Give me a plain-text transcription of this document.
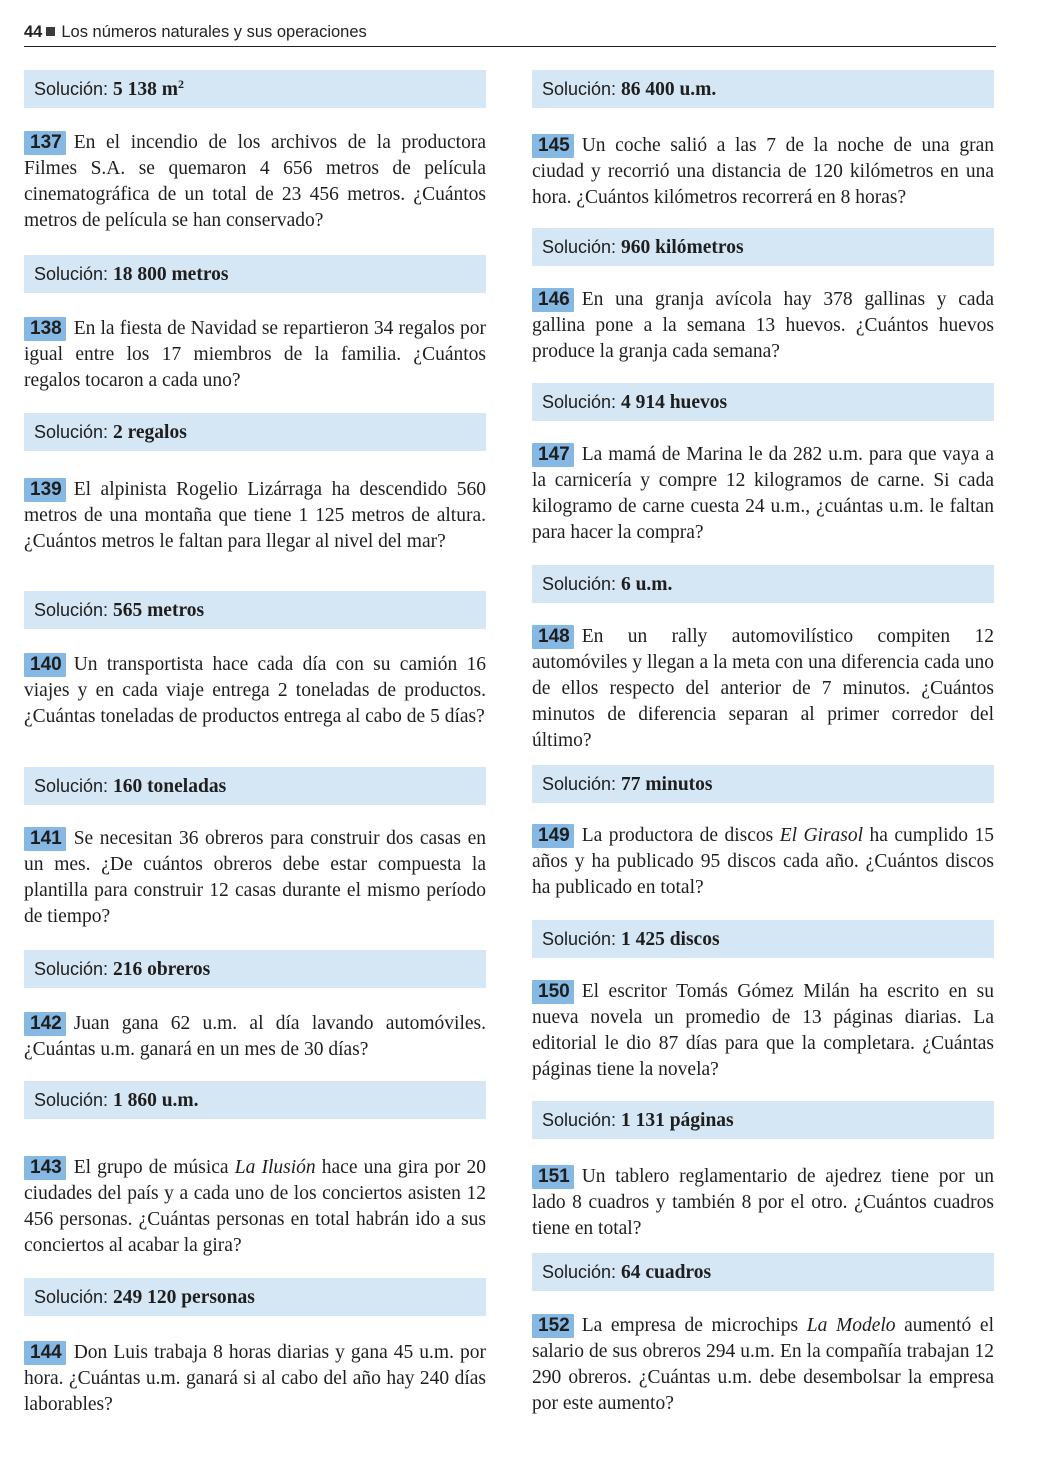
44 Los números naturales y sus operaciones
Solución: 5 138 $m^2$

137 En el incendio de los archivos de la productora Filmes S.A. se quemaron 4 656 metros de película cinematográfica de un total de 23 456 metros. ¿Cuántos metros de película se han conservado?

Solución: 18 800 metros

138 En la fiesta de Navidad se repartieron 34 regalos por igual entre los 17 miembros de la familia. ¿Cuántos regalos tocaron a cada uno?

Solución: 2 regalos

139 El alpinista Rogelio Lizárraga ha descendido 560 metros de una montaña que tiene 1 125 metros de altura. ¿Cuántos metros le faltan para llegar al nivel del mar?

Solución: 565 metros

140 Un transportista hace cada día con su camión 16 viajes y en cada viaje entrega 2 toneladas de productos. ¿Cuántas toneladas de productos entrega al cabo de 5 días?

Solución: 160 toneladas

141 Se necesitan 36 obreros para construir dos casas en un mes. ¿De cuántos obreros debe estar compuesta la plantilla para construir 12 casas durante el mismo período de tiempo?

Solución: 216 obreros

142 Juan gana 62 u.m. al día lavando automóviles. ¿Cuántas u.m. ganará en un mes de 30 días?

Solución: 1 860 u.m.

143 El grupo de música La Ilusión hace una gira por 20 ciudades del país y a cada uno de los conciertos asisten 12 456 personas. ¿Cuántas personas en total habrán ido a sus conciertos al acabar la gira?

Solución: 249 120 personas

144 Don Luis trabaja 8 horas diarias y gana 45 u.m. por hora. ¿Cuántas u.m. ganará si al cabo del año hay 240 días laborables?

Solución: 86 400 u.m.

145 Un coche salió a las 7 de la noche de una gran ciudad y recorrió una distancia de 120 kilómetros en una hora. ¿Cuántos kilómetros recorrerá en 8 horas?

Solución: 960 kilómetros

146 En una granja avícola hay 378 gallinas y cada gallina pone a la semana 13 huevos. ¿Cuántos huevos produce la granja cada semana?

Solución: 4 914 huevos

147 La mamá de Marina le da 282 u.m. para que vaya a la carnicería y compre 12 kilogramos de carne. Si cada kilogramo de carne cuesta 24 u.m., ¿cuántas u.m. le faltan para hacer la compra?

Solución: 6 u.m.

148 En un rally automovilístico compiten 12 automóviles y llegan a la meta con una diferencia cada uno de ellos respecto del anterior de 7 minutos. ¿Cuántos minutos de diferencia separan al primer corredor del último?

Solución: 77 minutos

149 La productora de discos El Girasol ha cumplido 15 años y ha publicado 95 discos cada año. ¿Cuántos discos ha publicado en total?

Solución: 1 425 discos

150 El escritor Tomás Gómez Milán ha escrito en su nueva novela un promedio de 13 páginas diarias. La editorial le dio 87 días para que la completara. ¿Cuántas páginas tiene la novela?

Solución: 1 131 páginas

151 Un tablero reglamentario de ajedrez tiene por un lado 8 cuadros y también 8 por el otro. ¿Cuántos cuadros tiene en total?

Solución: 64 cuadros

152 La empresa de microchips La Modelo aumentó el salario de sus obreros 294 u.m. En la compañía trabajan 12 290 obreros. ¿Cuántas u.m. debe desembolsar la empresa por este aumento?
